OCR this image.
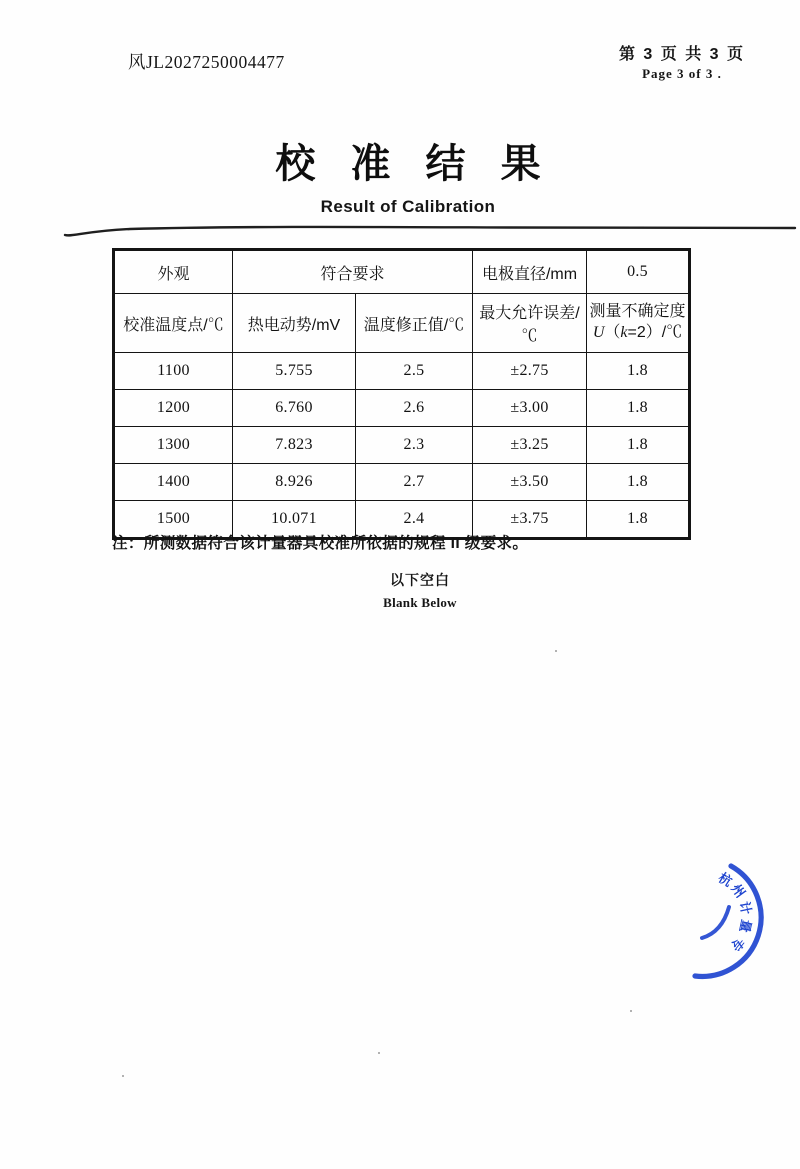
风JL2027250004477	第 3 页 共 3 页
Page 3 of 3 .
校 准 结 果
Result of Calibration
外观	符合要求		电极直径/mm	0.5
校准温度点/℃	热电动势/mV	温度修正值/℃	最大允许误差/℃	测量不确定度
U（k=2）/℃
1100	5.755	2.5	±2.75	1.8
1200	6.760	2.6	±3.00	1.8
1300	7.823	2.3	±3.25	1.8
1400	8.926	2.7	±3.50	1.8
1500	10.071	2.4	±3.75	1.8
注：所测数据符合该计量器具校准所依据的规程 II 级要求。
以下空白
Blank Below
杭
州
计
量
专
